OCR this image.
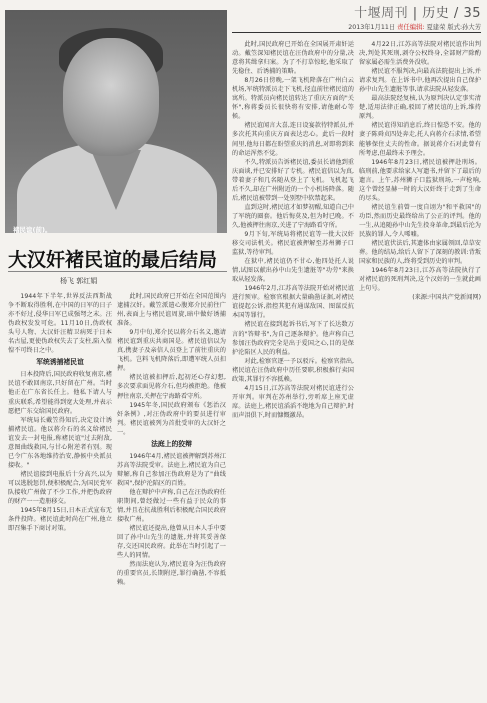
十堰周刊 | 历史 / 35
2013年1月11日 责任编辑: 夏建荣 版式:孙大芳
褚民谊(前)。
大汉奸褚民谊的最后结局
杨飞 郭红娟

1944年下半年,世界反法西斯战争不断取得胜利,在中国的日军的日子亦不好过,侵华日军已成强弩之末。汪伪政权发发可危。11月10日,伪政权头号人物、大汉奸汪精卫病死于日本名古屋,更使伪政权失去了支柱,陷入惶惶不可终日之中。

军统诱捕褚民谊

日本投降后,国民政府收复南京,褚民谊不敢回南京,只好留在广州。当时他正在广东省长任上。他私下请人与重庆联系,希望能得到宽大处理,并表示愿把广东交给国民政府。

军统局长戴笠得知后,决定设计诱捕褚民谊。他以蒋介石的名义给褚民谊发去一封电报,称褚民谊"过去附敌,意图曲线救国,与甘心附逆者有别。现已令广东各地维持治安,静候中央派员接收。"

褚民谊接到电报后十分高兴,以为可以逃脱惩罚,便积极配合,为国民党军队接收广州做了不少工作,并把伪政府的财产一一造册移交。

1945年8月15日,日本正式宣布无条件投降。褚民谊此时尚在广州,他立即召集手下商讨对策。

此时,国民政府已开始在全国范围内逮捕汉奸。戴笠派遣心腹郑介民前往广州,表面上与褚民谊周旋,暗中做好诱捕准备。

9月中旬,郑介民以蒋介石名义,邀请褚民谊到重庆共商国是。褚民谊信以为真,携妻子及亲信人员登上了前往重庆的飞机。岂料飞机降落后,即遭军统人员扣押。

褚民谊被扣押后,起初还心存幻想,多次要求面见蒋介石,但均被拒绝。他被押往南京,关押在宁海路看守所。

1945年冬,国民政府颁布《惩治汉奸条例》,对汪伪政府中的要员进行审判。褚民谊被列为首批受审的大汉奸之一。

法庭上的狡辩

1946年4月,褚民谊被押解到苏州江苏高等法院受审。法庭上,褚民谊为自己辩解,称自己参加汪伪政府是为了"曲线救国",保护沦陷区的百姓。

他在辩护中声称,自己在汪伪政府任职期间,曾经做过一些有益于民众的事情,并且在抗战胜利后积极配合国民政府接收广州。

褚民谊还提出,他曾从日本人手中要回了孙中山先生的遗脏,并将其妥善保存,交还国民政府。此举在当时引起了一些人的同情。

然而法庭认为,褚民谊身为汪伪政府的重要官员,长期附逆,罪行确凿,不容抵赖。

此时,国民政府已开始在全国展开肃奸运动。戴笠深知褚民谊在汪伪政府中的分量,决意将其缉拿归案。为了不打草惊蛇,他采取了先稳住、后诱捕的策略。

8月26日傍晚,一架飞机降落在广州白云机场,军统特派员走下飞机,径直前往褚民谊的寓所。特派员向褚民谊转达了重庆方面的"关怀",称蒋委员长很快将有安排,请他耐心等候。

褚民谊闻言大喜,连日设宴款待特派员,并多次托其向重庆方面表达忠心。此后一段时间里,他每日都在盼望重庆的消息,对即将到来的命运浑然不觉。

不久,特派员告诉褚民谊,委员长请他到重庆面谈,并已安排好了专机。褚民谊信以为真,带着妻子和几名随从登上了飞机。飞机起飞后不久,却在广州附近的一个小机场降落。随后,褚民谊被带到一处别墅中软禁起来。

直到这时,褚民谊才如梦初醒,知道自己中了军统的圈套。他后悔莫及,但为时已晚。不久,他被押往南京,关进了宁海路看守所。

9月下旬,军统局将褚民谊等一批大汉奸移交司法机关。褚民谊被押解至苏州狮子口监狱,等待审判。

在狱中,褚民谊仍不甘心,他四处托人说情,试图以献出孙中山先生遗脏等"功劳"来换取从轻发落。

1946年2月,江苏高等法院开始对褚民谊进行预审。检察官根据大量确凿证据,对褚民谊提起公诉,指控其犯有通谋敌国、图谋反抗本国等罪行。

褚民谊在接到起诉书后,写下了长达数万言的"答辩书",为自己逐条辩护。他声称自己参加汪伪政府完全是出于爱国之心,目的是保护沦陷区人民的利益。

对此,检察官逐一予以驳斥。检察官指出,褚民谊在汪伪政府中历任要职,积极推行卖国政策,其罪行不容抵赖。

4月15日,江苏高等法院对褚民谊进行公开审判。审判在苏州举行,旁听席上座无虚席。法庭上,褚民谊滔滔不绝地为自己辩护,时而声泪俱下,时而慷慨激昂。

4月22日,江苏高等法院对褚民谊作出判决,判处其死刑,剥夺公权终身,全部财产除酌留家属必需生活费外没收。

褚民谊不服判决,向最高法院提出上诉,并请求复判。在上诉书中,他再次提出自己保护孙中山先生遗脏等事,请求法院从轻发落。

最高法院经复核,认为原判决认定事实清楚,适用法律正确,驳回了褚民谊的上诉,维持原判。

褚民谊得知消息后,终日惶恐不安。他的妻子陈舜贞四处奔走,托人向蒋介石求情,希望能够保住丈夫的性命。据说蒋介石对此曾有所考虑,但最终未予理会。

1946年8月23日,褚民谊被押赴刑场。临刑前,他要求给家人写遗书,并留下了最后的遗言。上午,苏州狮子口监狱刑场,一声枪响,这个曾经显赫一时的大汉奸终于走到了生命的尽头。

褚民谊生前曾一度自诩为"和平救国"的功臣,然而历史最终给出了公正的评判。他的一生,从追随孙中山先生投身革命,到最后沦为民族的罪人,令人唏嘘。

褚民谊伏法后,其遗体由家属领回,草草安葬。他的结局,给后人留下了深刻的教训:背叛国家和民族的人,终将受到历史的审判。

1946年8月23日,江苏高等法院执行了对褚民谊的死刑判决,这个汉奸的一生就此画上句号。

(来源:中国共产党新闻网)
